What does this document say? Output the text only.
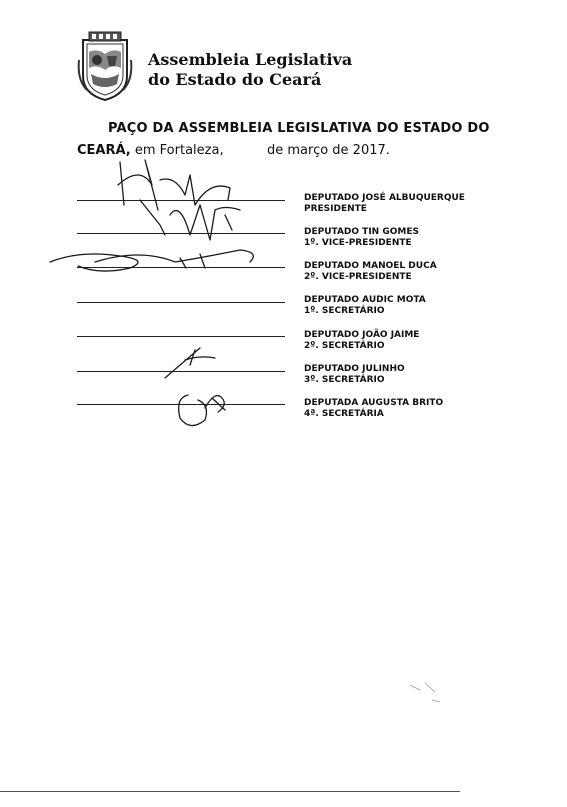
Assembleia Legislativa
do Estado do Ceará
PAÇO DA ASSEMBLEIA LEGISLATIVA DO ESTADO DO
CEARÁ, em Fortaleza,	de março de 2017.
DEPUTADO JOSÉ ALBUQUERQUE
PRESIDENTE
DEPUTADO TIN GOMES
1º. VICE-PRESIDENTE
DEPUTADO MANOEL DUCA
2º. VICE-PRESIDENTE
DEPUTADO AUDIC MOTA
1º. SECRETÁRIO
DEPUTADO JOÃO JAIME
2º. SECRETÁRIO
DEPUTADO JULINHO
3º. SECRETÁRIO
DEPUTADA AUGUSTA BRITO
4ª. SECRETÁRIA
